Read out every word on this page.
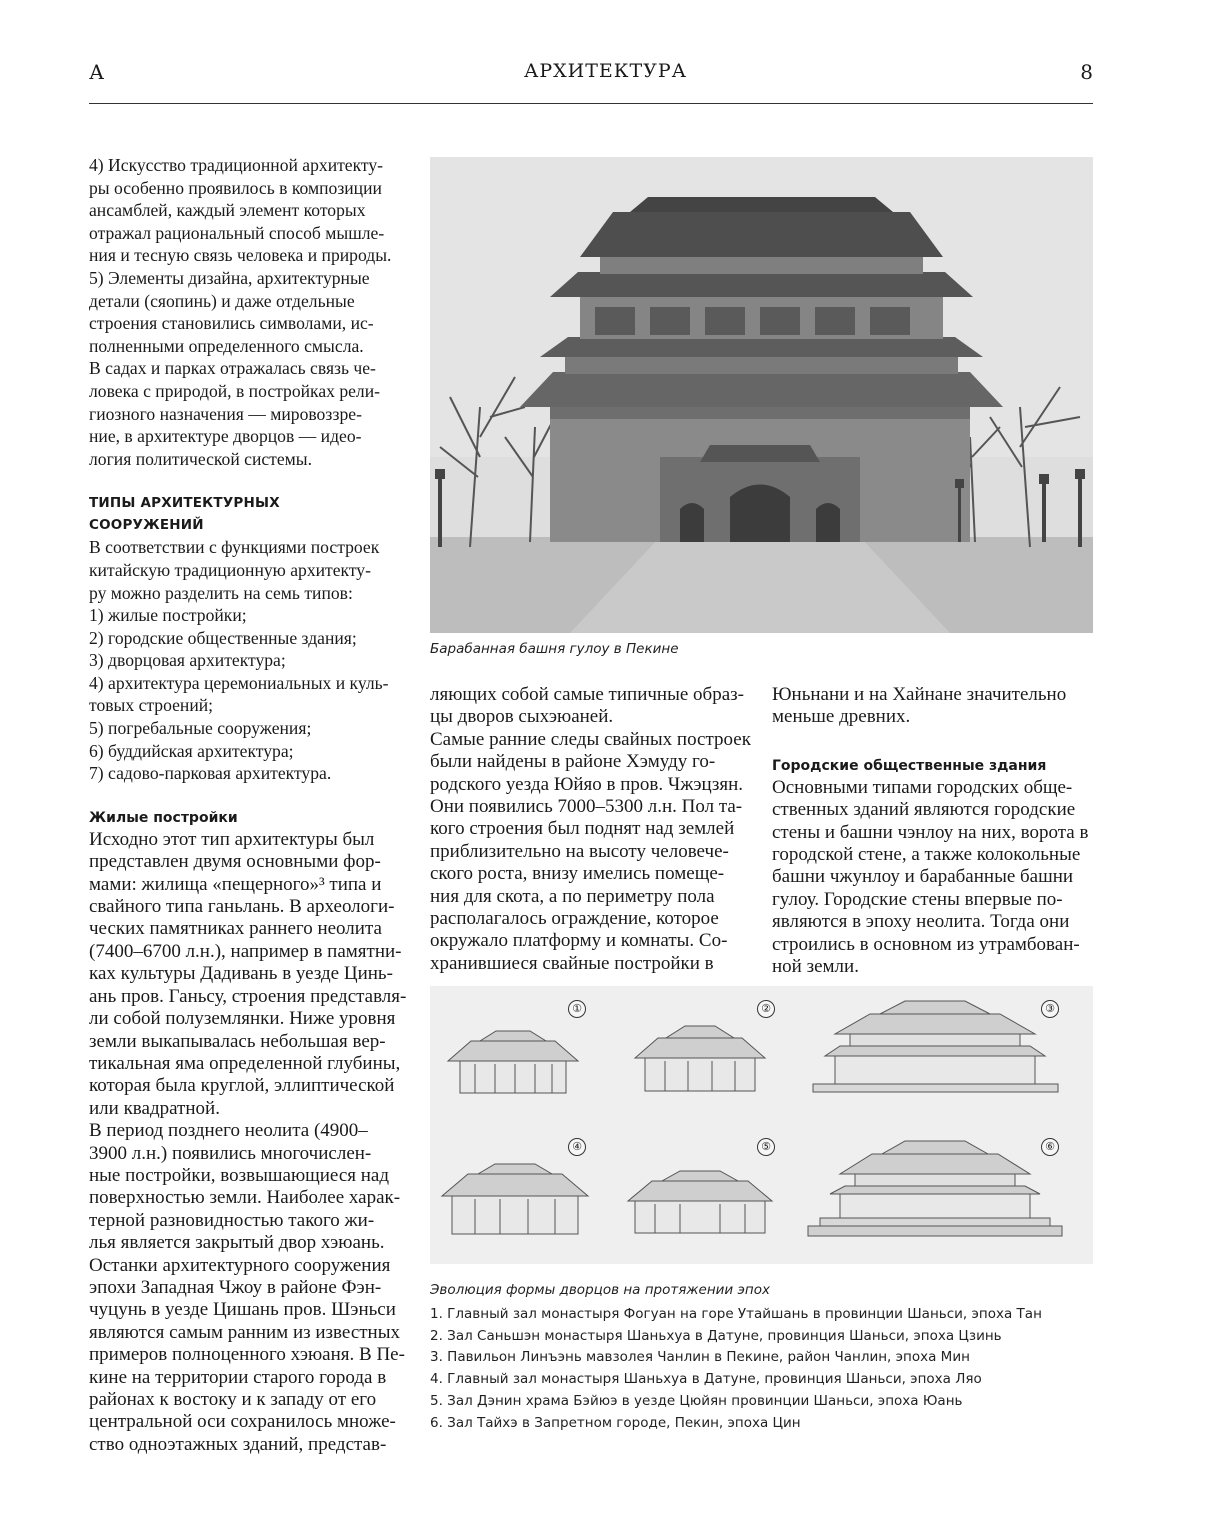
А	АРХИТЕКТУРА	8

4) Искусство традиционной архитекту-

ры особенно проявилось в композиции

ансамблей, каждый элемент которых

отражал рациональный способ мышле-

ния и тесную связь человека и природы.

5) Элементы дизайна, архитектурные

детали (сяопинь) и даже отдельные

строения становились символами, ис-

полненными определенного смысла.

В садах и парках отражалась связь че-

ловека с природой, в постройках рели-

гиозного назначения — мировоззре-

ние, в архитектуре дворцов — идео-

логия политической системы.

ТИПЫ АРХИТЕКТУРНЫХ
СООРУЖЕНИЙ

В соответствии с функциями построек

китайскую традиционную архитекту-

ру можно разделить на семь типов:

1) жилые постройки;

2) городские общественные здания;

3) дворцовая архитектура;

4) архитектура церемониальных и куль-

товых строений;

5) погребальные сооружения;

6) буддийская архитектура;

7) садово-парковая архитектура.

Жилые постройки

Исходно этот тип архитектуры был

представлен двумя основными фор-

мами: жилища «пещерного»³ типа и

свайного типа ганьлань. В археологи-

ческих памятниках раннего неолита

(7400–6700 л.н.), например в памятни-

ках культуры Дадивань в уезде Цинь-

ань пров. Ганьсу, строения представля-

ли собой полуземлянки. Ниже уровня

земли выкапывалась небольшая вер-

тикальная яма определенной глубины,

которая была круглой, эллиптической

или квадратной.

В период позднего неолита (4900–

3900 л.н.) появились многочислен-

ные постройки, возвышающиеся над

поверхностью земли. Наиболее харак-

терной разновидностью такого жи-

лья является закрытый двор хэюань.

Останки архитектурного сооружения

эпохи Западная Чжоу в районе Фэн-

чуцунь в уезде Цишань пров. Шэньси

являются самым ранним из известных

примеров полноценного хэюаня. В Пе-

кине на территории старого города в

районах к востоку и к западу от его

центральной оси сохранилось множе-

ство одноэтажных зданий, представ-

Барабанная башня гулоу в Пекине

ляющих собой самые типичные образ-

цы дворов сыхэюаней.

Самые ранние следы свайных построек

были найдены в районе Хэмуду го-

родского уезда Юйяо в пров. Чжэцзян.

Они появились 7000–5300 л.н. Пол та-

кого строения был поднят над землей

приблизительно на высоту человече-

ского роста, внизу имелись помеще-

ния для скота, а по периметру пола

располагалось ограждение, которое

окружало платформу и комнаты. Со-

хранившиеся свайные постройки в

Юньнани и на Хайнане значительно

меньше древних.

Городские общественные здания

Основными типами городских обще-

ственных зданий являются городские

стены и башни чэнлоу на них, ворота в

городской стене, а также колокольные

башни чжунлоу и барабанные башни

гулоу. Городские стены впервые по-

являются в эпоху неолита. Тогда они

строились в основном из утрамбован-

ной земли.

①	②	③
④	⑤	⑥
Эволюция формы дворцов на протяжении эпох
1. Главный зал монастыря Фогуан на горе Утайшань в провинции Шаньси, эпоха Тан
2. Зал Саньшэн монастыря Шаньхуа в Датуне, провинция Шаньси, эпоха Цзинь
3. Павильон Линъэнь мавзолея Чанлин в Пекине, район Чанлин, эпоха Мин
4. Главный зал монастыря Шаньхуа в Датуне, провинция Шаньси, эпоха Ляо
5. Зал Дэнин храма Бэйюэ в уезде Цюйян провинции Шаньси, эпоха Юань
6. Зал Тайхэ в Запретном городе, Пекин, эпоха Цин
